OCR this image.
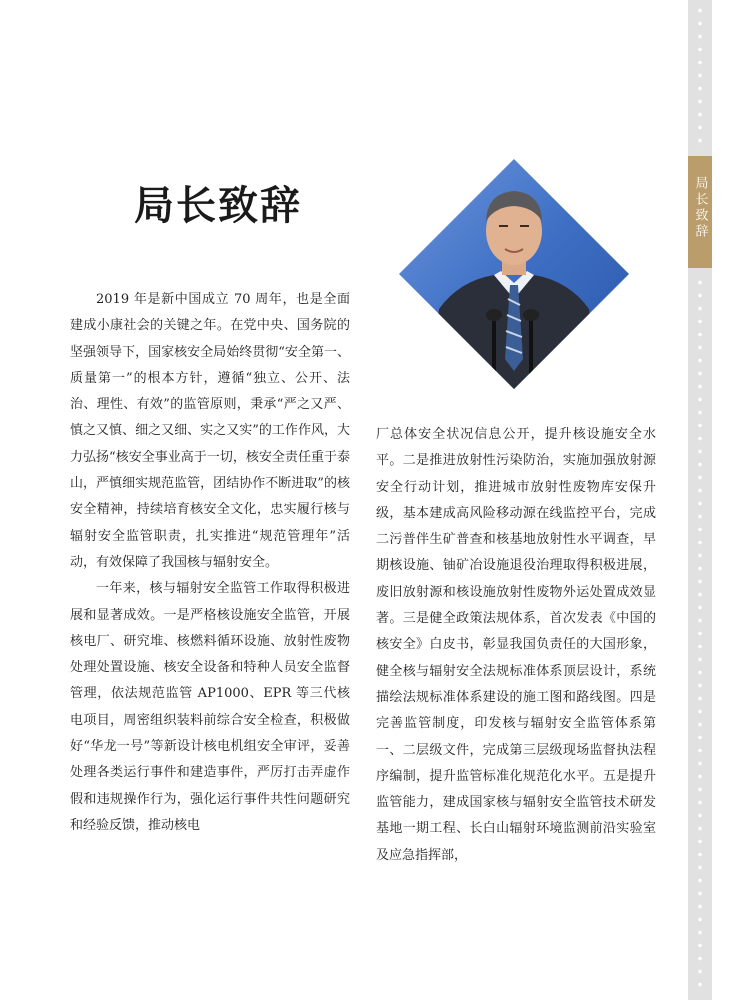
局长致辞
局长致辞

2019 年是新中国成立 70 周年，也是全面建成小康社会的关键之年。在党中央、国务院的坚强领导下，国家核安全局始终贯彻“安全第一、质量第一”的根本方针，遵循“独立、公开、法治、理性、有效”的监管原则，秉承“严之又严、慎之又慎、细之又细、实之又实”的工作作风，大力弘扬“核安全事业高于一切，核安全责任重于泰山，严慎细实规范监管，团结协作不断进取”的核安全精神，持续培育核安全文化，忠实履行核与辐射安全监管职责，扎实推进“规范管理年”活动，有效保障了我国核与辐射安全。

一年来，核与辐射安全监管工作取得积极进展和显著成效。一是严格核设施安全监管，开展核电厂、研究堆、核燃料循环设施、放射性废物处理处置设施、核安全设备和特种人员安全监督管理，依法规范监管 AP1000、EPR 等三代核电项目，周密组织装料前综合安全检查，积极做好“华龙一号”等新设计核电机组安全审评，妥善处理各类运行事件和建造事件，严厉打击弄虚作假和违规操作行为，强化运行事件共性问题研究和经验反馈，推动核电

厂总体安全状况信息公开，提升核设施安全水平。二是推进放射性污染防治，实施加强放射源安全行动计划，推进城市放射性废物库安保升级，基本建成高风险移动源在线监控平台，完成二污普伴生矿普查和核基地放射性水平调查，早期核设施、铀矿冶设施退役治理取得积极进展，废旧放射源和核设施放射性废物外运处置成效显著。三是健全政策法规体系，首次发表《中国的核安全》白皮书，彰显我国负责任的大国形象，健全核与辐射安全法规标准体系顶层设计，系统描绘法规标准体系建设的施工图和路线图。四是完善监管制度，印发核与辐射安全监管体系第一、二层级文件，完成第三层级现场监督执法程序编制，提升监管标准化规范化水平。五是提升监管能力，建成国家核与辐射安全监管技术研发基地一期工程、长白山辐射环境监测前沿实验室及应急指挥部，
